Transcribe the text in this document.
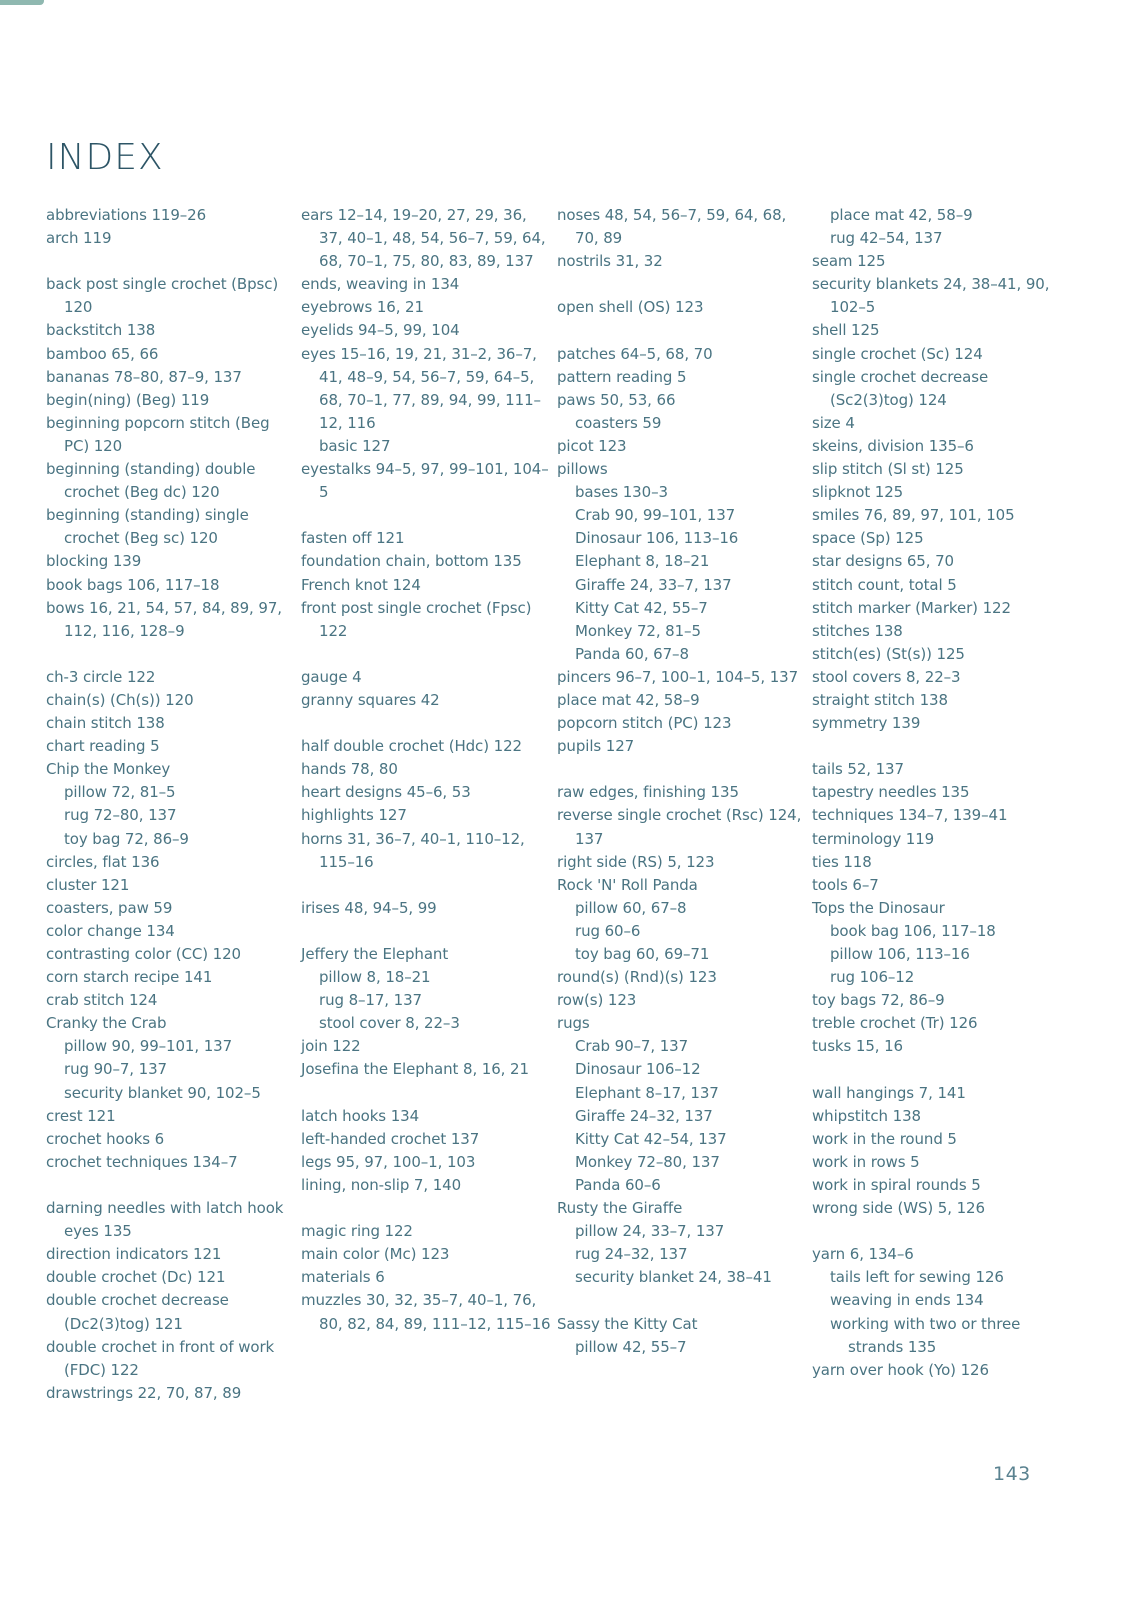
INDEX
abbreviations 119–26
arch 119
back post single crochet (Bpsc) 120
backstitch 138
bamboo 65, 66
bananas 78–80, 87–9, 137
begin(ning) (Beg) 119
beginning popcorn stitch (Beg PC) 120
beginning (standing) double crochet (Beg dc) 120
beginning (standing) single crochet (Beg sc) 120
blocking 139
book bags 106, 117–18
bows 16, 21, 54, 57, 84, 89, 97, 112, 116, 128–9
ch-3 circle 122
chain(s) (Ch(s)) 120
chain stitch 138
chart reading 5
Chip the Monkey
pillow 72, 81–5
rug 72–80, 137
toy bag 72, 86–9
circles, flat 136
cluster 121
coasters, paw 59
color change 134
contrasting color (CC) 120
corn starch recipe 141
crab stitch 124
Cranky the Crab
pillow 90, 99–101, 137
rug 90–7, 137
security blanket 90, 102–5
crest 121
crochet hooks 6
crochet techniques 134–7
darning needles with latch hook eyes 135
direction indicators 121
double crochet (Dc) 121
double crochet decrease (Dc2(3)tog) 121
double crochet in front of work (FDC) 122
drawstrings 22, 70, 87, 89
ears 12–14, 19–20, 27, 29, 36, 37, 40–1, 48, 54, 56–7, 59, 64, 68, 70–1, 75, 80, 83, 89, 137
ends, weaving in 134
eyebrows 16, 21
eyelids 94–5, 99, 104
eyes 15–16, 19, 21, 31–2, 36–7, 41, 48–9, 54, 56–7, 59, 64–5, 68, 70–1, 77, 89, 94, 99, 111–12, 116
basic 127
eyestalks 94–5, 97, 99–101, 104–5
fasten off 121
foundation chain, bottom 135
French knot 124
front post single crochet (Fpsc) 122
gauge 4
granny squares 42
half double crochet (Hdc) 122
hands 78, 80
heart designs 45–6, 53
highlights 127
horns 31, 36–7, 40–1, 110–12, 115–16
irises 48, 94–5, 99
Jeffery the Elephant
pillow 8, 18–21
rug 8–17, 137
stool cover 8, 22–3
join 122
Josefina the Elephant 8, 16, 21
latch hooks 134
left-handed crochet 137
legs 95, 97, 100–1, 103
lining, non-slip 7, 140
magic ring 122
main color (Mc) 123
materials 6
muzzles 30, 32, 35–7, 40–1, 76, 80, 82, 84, 89, 111–12, 115–16
noses 48, 54, 56–7, 59, 64, 68, 70, 89
nostrils 31, 32
open shell (OS) 123
patches 64–5, 68, 70
pattern reading 5
paws 50, 53, 66
coasters 59
picot 123
pillows
bases 130–3
Crab 90, 99–101, 137
Dinosaur 106, 113–16
Elephant 8, 18–21
Giraffe 24, 33–7, 137
Kitty Cat 42, 55–7
Monkey 72, 81–5
Panda 60, 67–8
pincers 96–7, 100–1, 104–5, 137
place mat 42, 58–9
popcorn stitch (PC) 123
pupils 127
raw edges, finishing 135
reverse single crochet (Rsc) 124, 137
right side (RS) 5, 123
Rock 'N' Roll Panda
pillow 60, 67–8
rug 60–6
toy bag 60, 69–71
round(s) (Rnd)(s) 123
row(s) 123
rugs
Crab 90–7, 137
Dinosaur 106–12
Elephant 8–17, 137
Giraffe 24–32, 137
Kitty Cat 42–54, 137
Monkey 72–80, 137
Panda 60–6
Rusty the Giraffe
pillow 24, 33–7, 137
rug 24–32, 137
security blanket 24, 38–41
Sassy the Kitty Cat
pillow 42, 55–7
place mat 42, 58–9
rug 42–54, 137
seam 125
security blankets 24, 38–41, 90, 102–5
shell 125
single crochet (Sc) 124
single crochet decrease (Sc2(3)tog) 124
size 4
skeins, division 135–6
slip stitch (Sl st) 125
slipknot 125
smiles 76, 89, 97, 101, 105
space (Sp) 125
star designs 65, 70
stitch count, total 5
stitch marker (Marker) 122
stitches 138
stitch(es) (St(s)) 125
stool covers 8, 22–3
straight stitch 138
symmetry 139
tails 52, 137
tapestry needles 135
techniques 134–7, 139–41
terminology 119
ties 118
tools 6–7
Tops the Dinosaur
book bag 106, 117–18
pillow 106, 113–16
rug 106–12
toy bags 72, 86–9
treble crochet (Tr) 126
tusks 15, 16
wall hangings 7, 141
whipstitch 138
work in the round 5
work in rows 5
work in spiral rounds 5
wrong side (WS) 5, 126
yarn 6, 134–6
tails left for sewing 126
weaving in ends 134
working with two or three strands 135
yarn over hook (Yo) 126
143
